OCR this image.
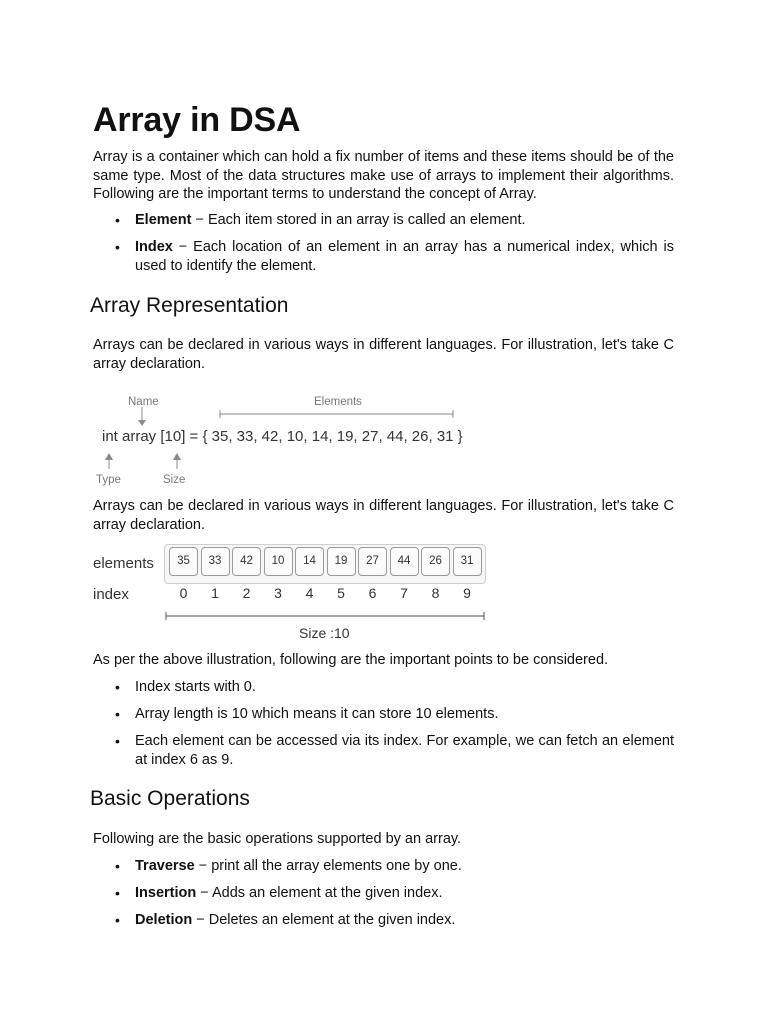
Array in DSA

Array is a container which can hold a fix number of items and these items should be of the same type. Most of the data structures make use of arrays to implement their algorithms. Following are the important terms to understand the concept of Array.

• Element − Each item stored in an array is called an element.
• Index − Each location of an element in an array has a numerical index, which is used to identify the element.
Array Representation

Arrays can be declared in various ways in different languages. For illustration, let's take C array declaration.

Name	Elements
int array [10] = { 35, 33, 42, 10, 14, 19, 27, 44, 26, 31 }
Type	Size

Arrays can be declared in various ways in different languages. For illustration, let's take C array declaration.

elements
index
Size :10
35	33	42	10	14	19	27	44	26	31
0	1	2	3	4	5	6	7	8	9

As per the above illustration, following are the important points to be considered.

• Index starts with 0.
• Array length is 10 which means it can store 10 elements.
• Each element can be accessed via its index. For example, we can fetch an element at index 6 as 9.
Basic Operations

Following are the basic operations supported by an array.

• Traverse − print all the array elements one by one.
• Insertion − Adds an element at the given index.
• Deletion − Deletes an element at the given index.
